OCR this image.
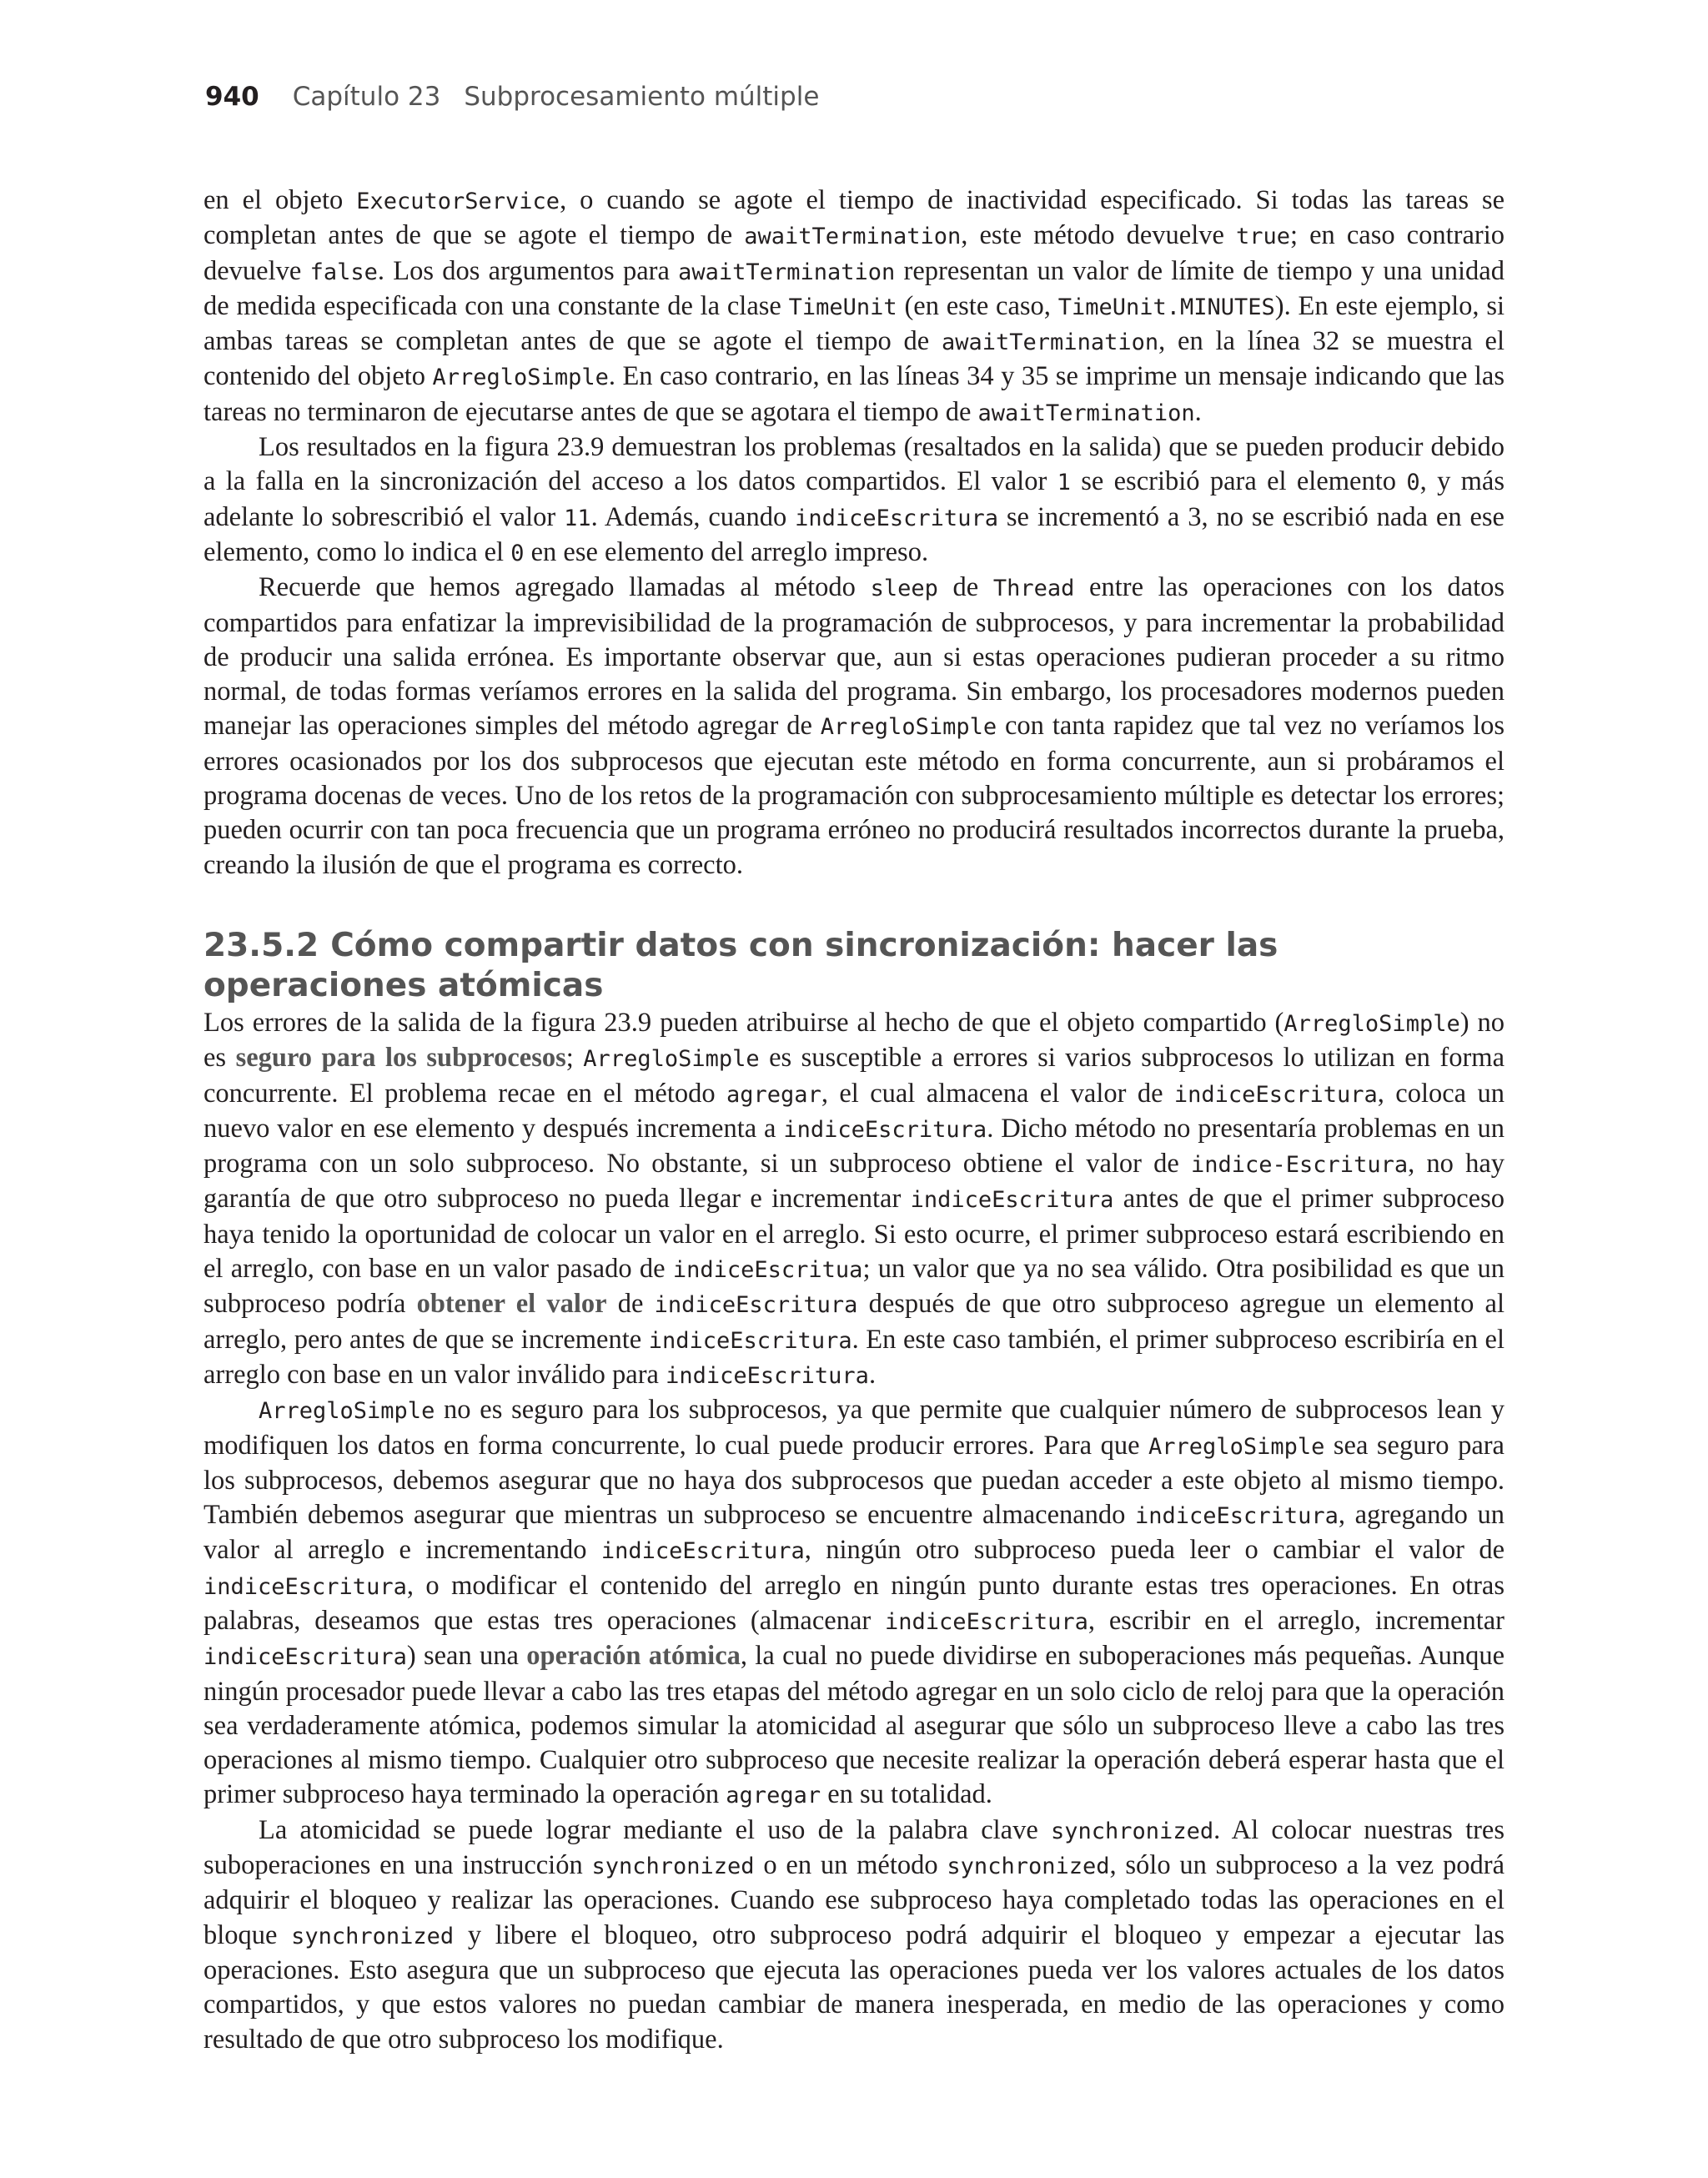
940 Capítulo 23 Subprocesamiento múltiple

en el objeto ExecutorService, o cuando se agote el tiempo de inactividad especificado. Si todas las tareas se completan antes de que se agote el tiempo de awaitTermination, este método devuelve true; en caso contrario devuelve false. Los dos argumentos para awaitTermination representan un valor de límite de tiempo y una unidad de medida especificada con una constante de la clase TimeUnit (en este caso, TimeUnit.MINUTES). En este ejemplo, si ambas tareas se completan antes de que se agote el tiempo de awaitTermination, en la línea 32 se muestra el contenido del objeto ArregloSimple. En caso contrario, en las líneas 34 y 35 se imprime un mensaje indicando que las tareas no terminaron de ejecutarse antes de que se agotara el tiempo de awaitTermination.

Los resultados en la figura 23.9 demuestran los problemas (resaltados en la salida) que se pueden producir debido a la falla en la sincronización del acceso a los datos compartidos. El valor 1 se escribió para el elemento 0, y más adelante lo sobrescribió el valor 11. Además, cuando indiceEscritura se incrementó a 3, no se escribió nada en ese elemento, como lo indica el 0 en ese elemento del arreglo impreso.

Recuerde que hemos agregado llamadas al método sleep de Thread entre las operaciones con los datos compartidos para enfatizar la imprevisibilidad de la programación de subprocesos, y para incrementar la probabilidad de producir una salida errónea. Es importante observar que, aun si estas operaciones pudieran proceder a su ritmo normal, de todas formas veríamos errores en la salida del programa. Sin embargo, los procesadores modernos pueden manejar las operaciones simples del método agregar de ArregloSimple con tanta rapidez que tal vez no veríamos los errores ocasionados por los dos subprocesos que ejecutan este método en forma concurrente, aun si probáramos el programa docenas de veces. Uno de los retos de la programación con subprocesamiento múltiple es detectar los errores; pueden ocurrir con tan poca frecuencia que un programa erróneo no producirá resultados incorrectos durante la prueba, creando la ilusión de que el programa es correcto.

23.5.2 Cómo compartir datos con sincronización: hacer las operaciones atómicas

Los errores de la salida de la figura 23.9 pueden atribuirse al hecho de que el objeto compartido (ArregloSimple) no es seguro para los subprocesos; ArregloSimple es susceptible a errores si varios subprocesos lo utilizan en forma concurrente. El problema recae en el método agregar, el cual almacena el valor de indiceEscritura, coloca un nuevo valor en ese elemento y después incrementa a indiceEscritura. Dicho método no presentaría problemas en un programa con un solo subproceso. No obstante, si un subproceso obtiene el valor de indice-Escritura, no hay garantía de que otro subproceso no pueda llegar e incrementar indiceEscritura antes de que el primer subproceso haya tenido la oportunidad de colocar un valor en el arreglo. Si esto ocurre, el primer subproceso estará escribiendo en el arreglo, con base en un valor pasado de indiceEscritua; un valor que ya no sea válido. Otra posibilidad es que un subproceso podría obtener el valor de indiceEscritura después de que otro subproceso agregue un elemento al arreglo, pero antes de que se incremente indiceEscritura. En este caso también, el primer subproceso escribiría en el arreglo con base en un valor inválido para indiceEscritura.

ArregloSimple no es seguro para los subprocesos, ya que permite que cualquier número de subprocesos lean y modifiquen los datos en forma concurrente, lo cual puede producir errores. Para que ArregloSimple sea seguro para los subprocesos, debemos asegurar que no haya dos subprocesos que puedan acceder a este objeto al mismo tiempo. También debemos asegurar que mientras un subproceso se encuentre almacenando indiceEscritura, agregando un valor al arreglo e incrementando indiceEscritura, ningún otro subproceso pueda leer o cambiar el valor de indiceEscritura, o modificar el contenido del arreglo en ningún punto durante estas tres operaciones. En otras palabras, deseamos que estas tres operaciones (almacenar indiceEscritura, escribir en el arreglo, incrementar indiceEscritura) sean una operación atómica, la cual no puede dividirse en suboperaciones más pequeñas. Aunque ningún procesador puede llevar a cabo las tres etapas del método agregar en un solo ciclo de reloj para que la operación sea verdaderamente atómica, podemos simular la atomicidad al asegurar que sólo un subproceso lleve a cabo las tres operaciones al mismo tiempo. Cualquier otro subproceso que necesite realizar la operación deberá esperar hasta que el primer subproceso haya terminado la operación agregar en su totalidad.

La atomicidad se puede lograr mediante el uso de la palabra clave synchronized. Al colocar nuestras tres suboperaciones en una instrucción synchronized o en un método synchronized, sólo un subproceso a la vez podrá adquirir el bloqueo y realizar las operaciones. Cuando ese subproceso haya completado todas las operaciones en el bloque synchronized y libere el bloqueo, otro subproceso podrá adquirir el bloqueo y empezar a ejecutar las operaciones. Esto asegura que un subproceso que ejecuta las operaciones pueda ver los valores actuales de los datos compartidos, y que estos valores no puedan cambiar de manera inesperada, en medio de las operaciones y como resultado de que otro subproceso los modifique.
